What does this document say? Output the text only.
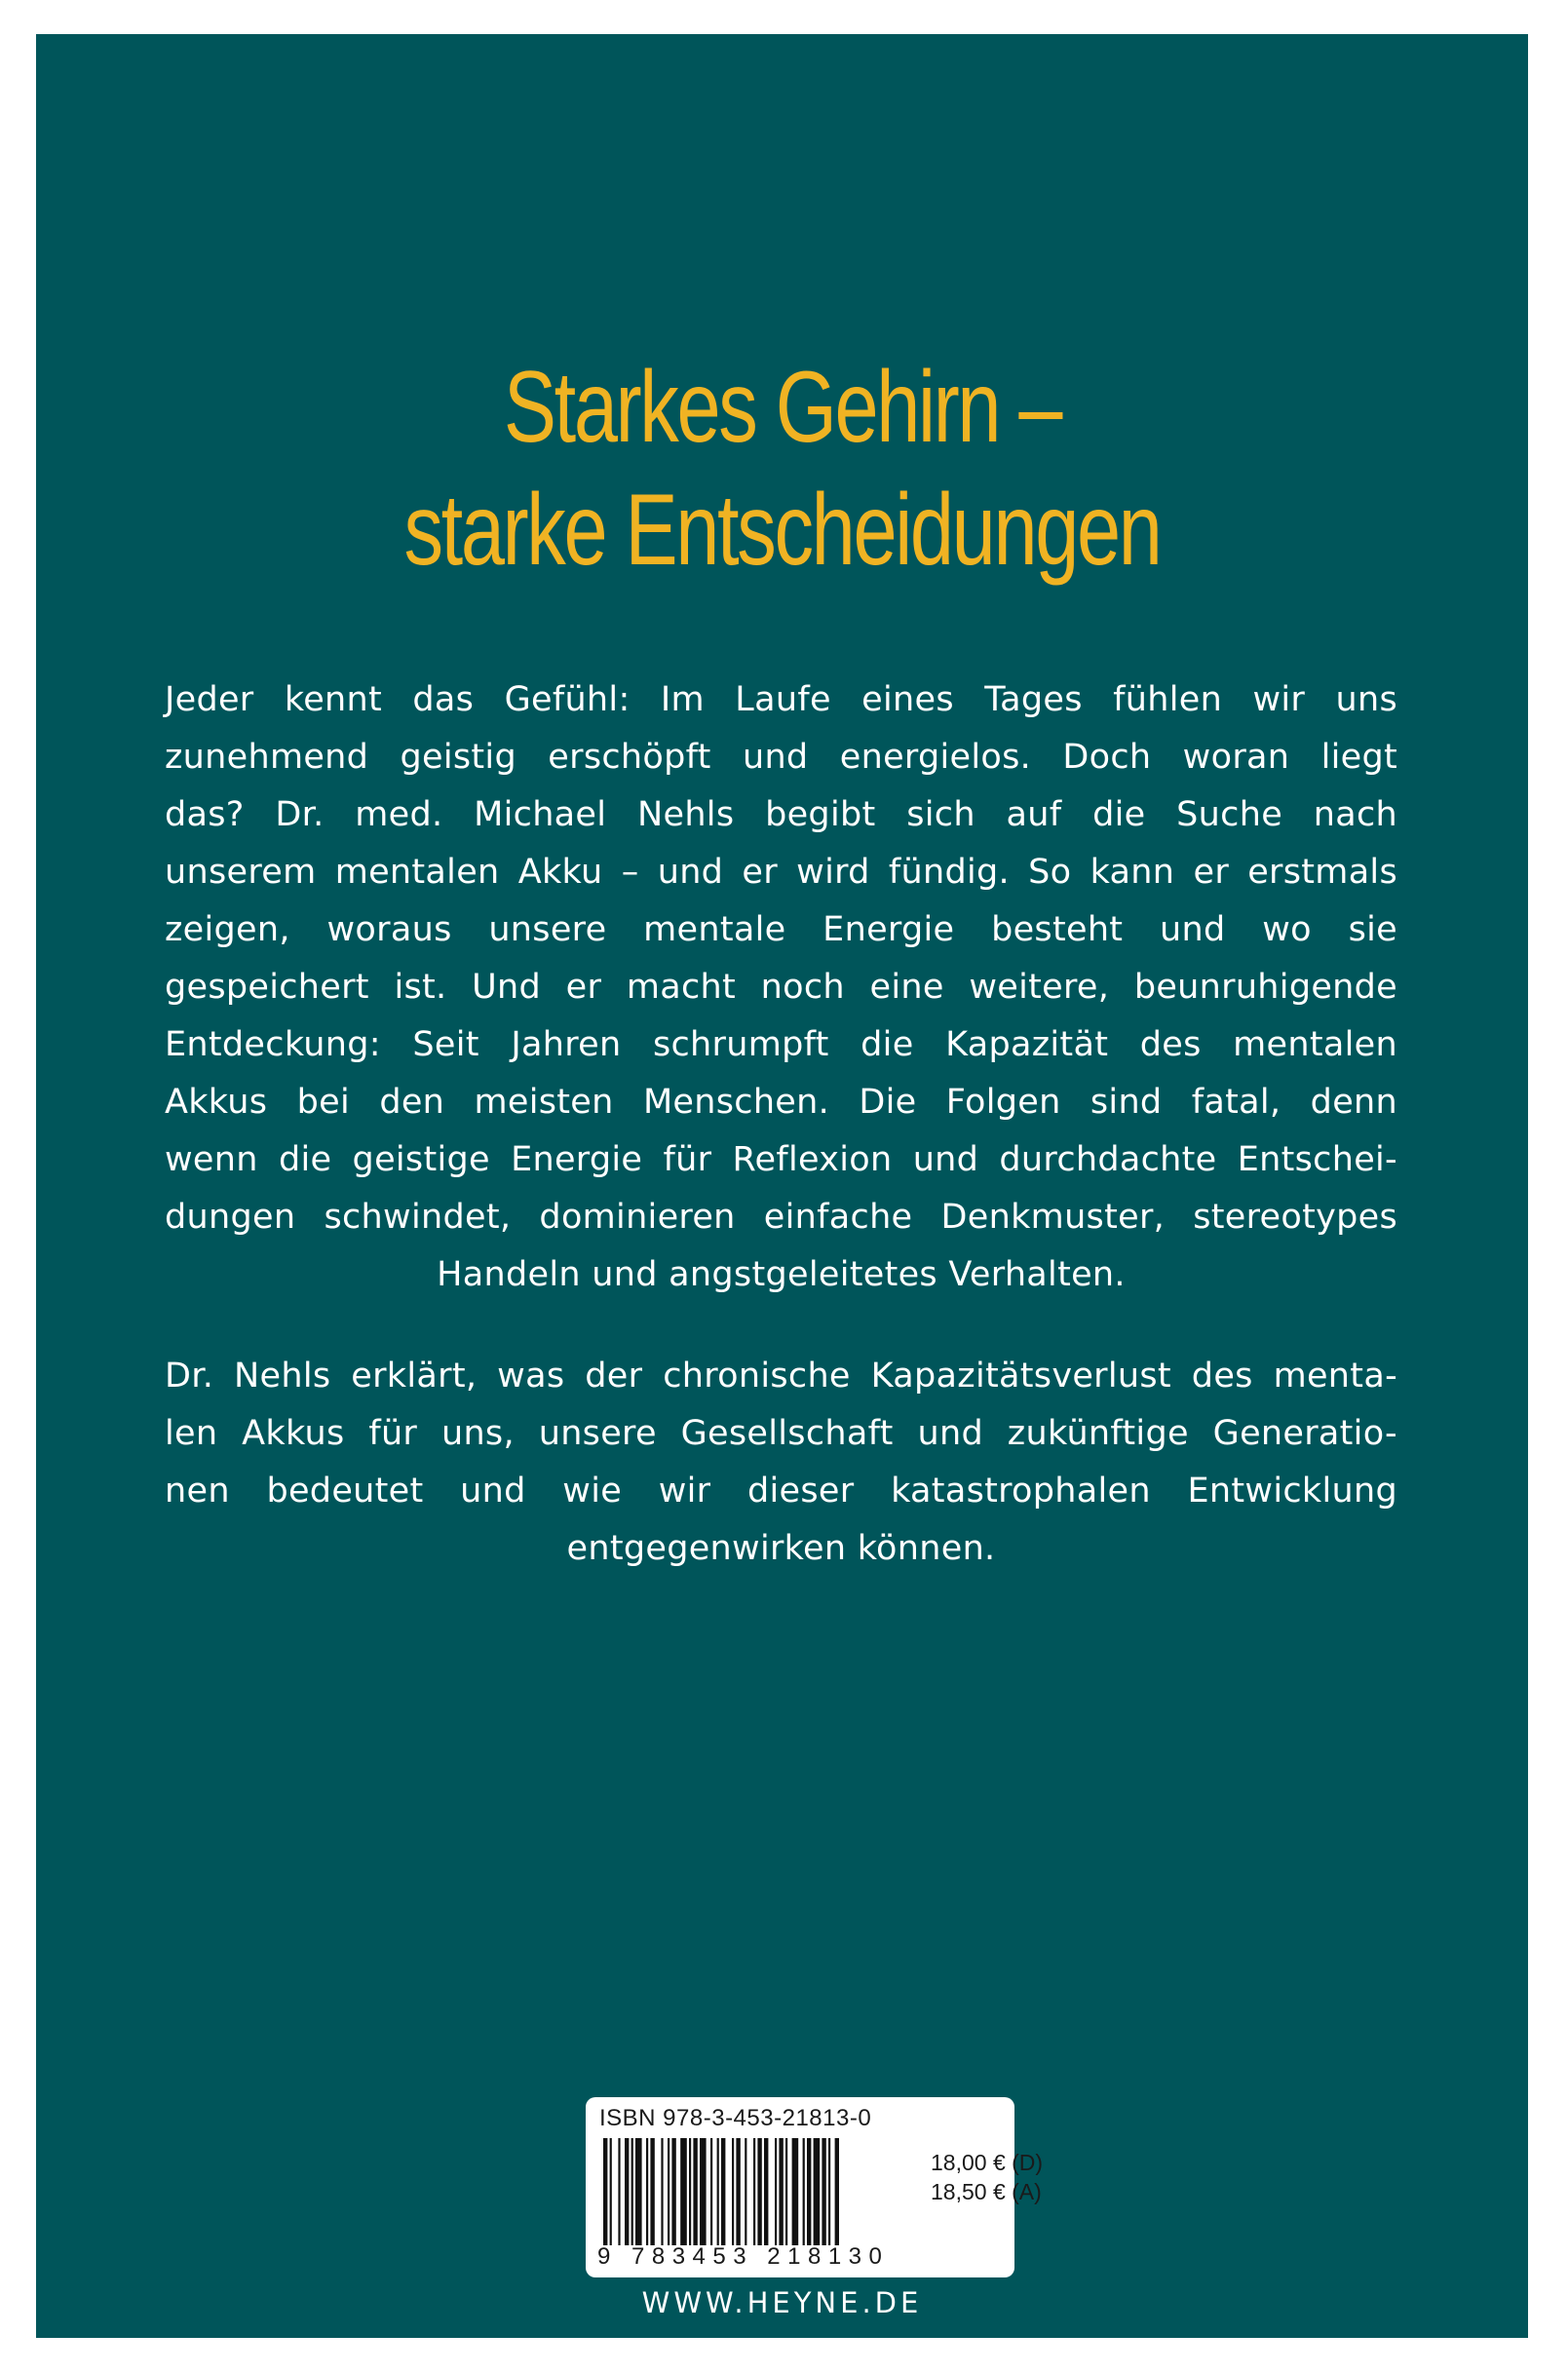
Starkes Gehirn –
starke Entscheidungen
Jeder kennt das Gefühl: Im Laufe eines Tages fühlen wir uns
zunehmend geistig erschöpft und energielos. Doch woran liegt
das? Dr. med. Michael Nehls begibt sich auf die Suche nach
unserem mentalen Akku – und er wird fündig. So kann er erstmals
zeigen, woraus unsere mentale Energie besteht und wo sie
gespeichert ist. Und er macht noch eine weitere, beunruhigende
Entdeckung: Seit Jahren schrumpft die Kapazität des mentalen
Akkus bei den meisten Menschen. Die Folgen sind fatal, denn
wenn die geistige Energie für Reflexion und durchdachte Entschei-
dungen schwindet, dominieren einfache Denkmuster, stereotypes
Handeln und angstgeleitetes Verhalten.
Dr. Nehls erklärt, was der chronische Kapazitätsverlust des menta-
len Akkus für uns, unsere Gesellschaft und zukünftige Generatio-
nen bedeutet und wie wir dieser katastrophalen Entwicklung
entgegenwirken können.
ISBN 978-3-453-21813-0
9 783453 218130
18,00 € (D)
18,50 € (A)
WWW.HEYNE.DE
